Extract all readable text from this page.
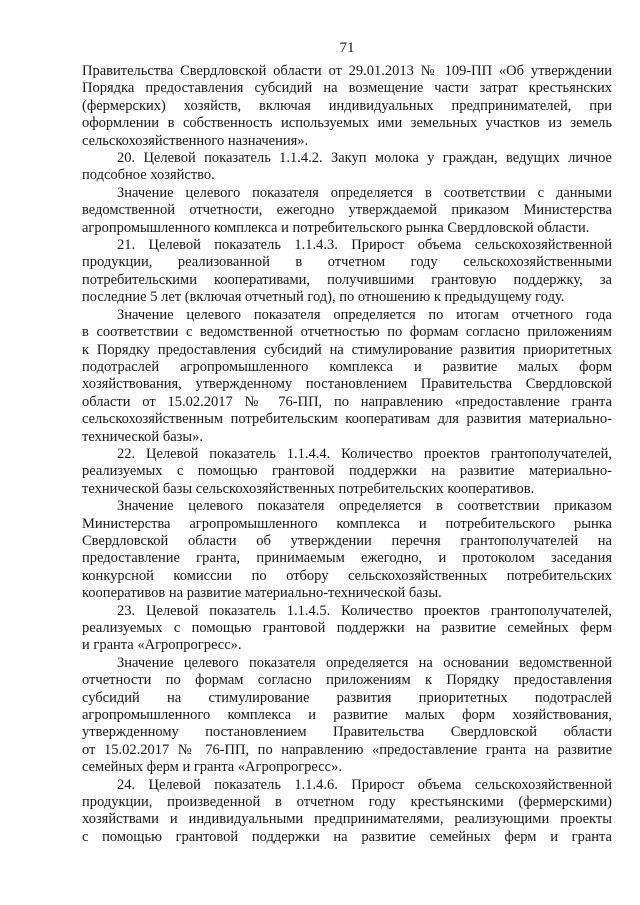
71
Правительства Свердловской области от 29.01.2013 № 109-ПП «Об утверждении
Порядка предоставления субсидий на возмещение части затрат крестьянских
(фермерских) хозяйств, включая индивидуальных предпринимателей, при
оформлении в собственность используемых ими земельных участков из земель
сельскохозяйственного назначения».
20. Целевой показатель 1.1.4.2. Закуп молока у граждан, ведущих личное
подсобное хозяйство.
Значение целевого показателя определяется в соответствии с данными
ведомственной отчетности, ежегодно утверждаемой приказом Министерства
агропромышленного комплекса и потребительского рынка Свердловской области.
21. Целевой показатель 1.1.4.3. Прирост объема сельскохозяйственной
продукции, реализованной в отчетном году сельскохозяйственными
потребительскими кооперативами, получившими грантовую поддержку, за
последние 5 лет (включая отчетный год), по отношению к предыдущему году.
Значение целевого показателя определяется по итогам отчетного года
в соответствии с ведомственной отчетностью по формам согласно приложениям
к Порядку предоставления субсидий на стимулирование развития приоритетных
подотраслей агропромышленного комплекса и развитие малых форм
хозяйствования, утвержденному постановлением Правительства Свердловской
области от 15.02.2017 № 76-ПП, по направлению «предоставление гранта
сельскохозяйственным потребительским кооперативам для развития материально-
технической базы».
22. Целевой показатель 1.1.4.4. Количество проектов грантополучателей,
реализуемых с помощью грантовой поддержки на развитие материально-
технической базы сельскохозяйственных потребительских кооперативов.
Значение целевого показателя определяется в соответствии приказом
Министерства агропромышленного комплекса и потребительского рынка
Свердловской области об утверждении перечня грантополучателей на
предоставление гранта, принимаемым ежегодно, и протоколом заседания
конкурсной комиссии по отбору сельскохозяйственных потребительских
кооперативов на развитие материально-технической базы.
23. Целевой показатель 1.1.4.5. Количество проектов грантополучателей,
реализуемых с помощью грантовой поддержки на развитие семейных ферм
и гранта «Агропрогресс».
Значение целевого показателя определяется на основании ведомственной
отчетности по формам согласно приложениям к Порядку предоставления
субсидий на стимулирование развития приоритетных подотраслей
агропромышленного комплекса и развитие малых форм хозяйствования,
утвержденному постановлением Правительства Свердловской области
от 15.02.2017 № 76-ПП, по направлению «предоставление гранта на развитие
семейных ферм и гранта «Агропрогресс».
24. Целевой показатель 1.1.4.6. Прирост объема сельскохозяйственной
продукции, произведенной в отчетном году крестьянскими (фермерскими)
хозяйствами и индивидуальными предпринимателями, реализующими проекты
с помощью грантовой поддержки на развитие семейных ферм и гранта
